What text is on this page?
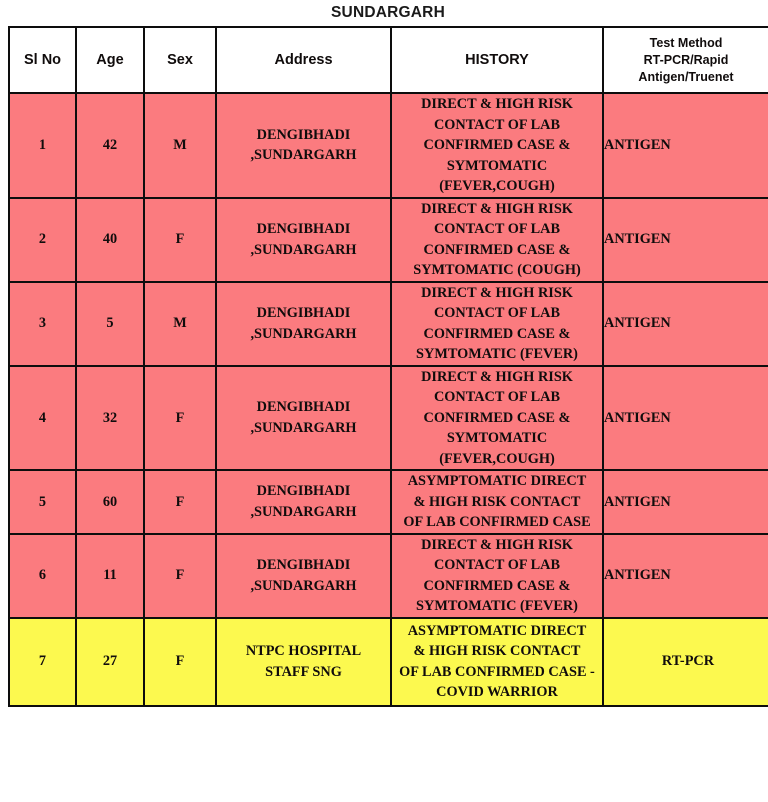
SUNDARGARH
Sl No	Age	Sex	Address	HISTORY	Test Method
RT-PCR/Rapid
Antigen/Truenet

1	42	M	DENGIBHADI
,SUNDARGARH	DIRECT & HIGH RISK
CONTACT OF LAB
CONFIRMED CASE &
SYMTOMATIC
(FEVER,COUGH)	ANTIGEN
2	40	F	DENGIBHADI
,SUNDARGARH	DIRECT & HIGH RISK
CONTACT OF LAB
CONFIRMED CASE &
SYMTOMATIC (COUGH)	ANTIGEN
3	5	M	DENGIBHADI
,SUNDARGARH	DIRECT & HIGH RISK
CONTACT OF LAB
CONFIRMED CASE &
SYMTOMATIC (FEVER)	ANTIGEN
4	32	F	DENGIBHADI
,SUNDARGARH	DIRECT & HIGH RISK
CONTACT OF LAB
CONFIRMED CASE &
SYMTOMATIC
(FEVER,COUGH)	ANTIGEN
5	60	F	DENGIBHADI
,SUNDARGARH	ASYMPTOMATIC DIRECT
& HIGH RISK CONTACT
OF LAB CONFIRMED CASE	ANTIGEN
6	11	F	DENGIBHADI
,SUNDARGARH	DIRECT & HIGH RISK
CONTACT OF LAB
CONFIRMED CASE &
SYMTOMATIC (FEVER)	ANTIGEN
7	27	F	NTPC HOSPITAL
STAFF SNG	ASYMPTOMATIC DIRECT
& HIGH RISK CONTACT
OF LAB CONFIRMED CASE -
COVID WARRIOR	RT-PCR
